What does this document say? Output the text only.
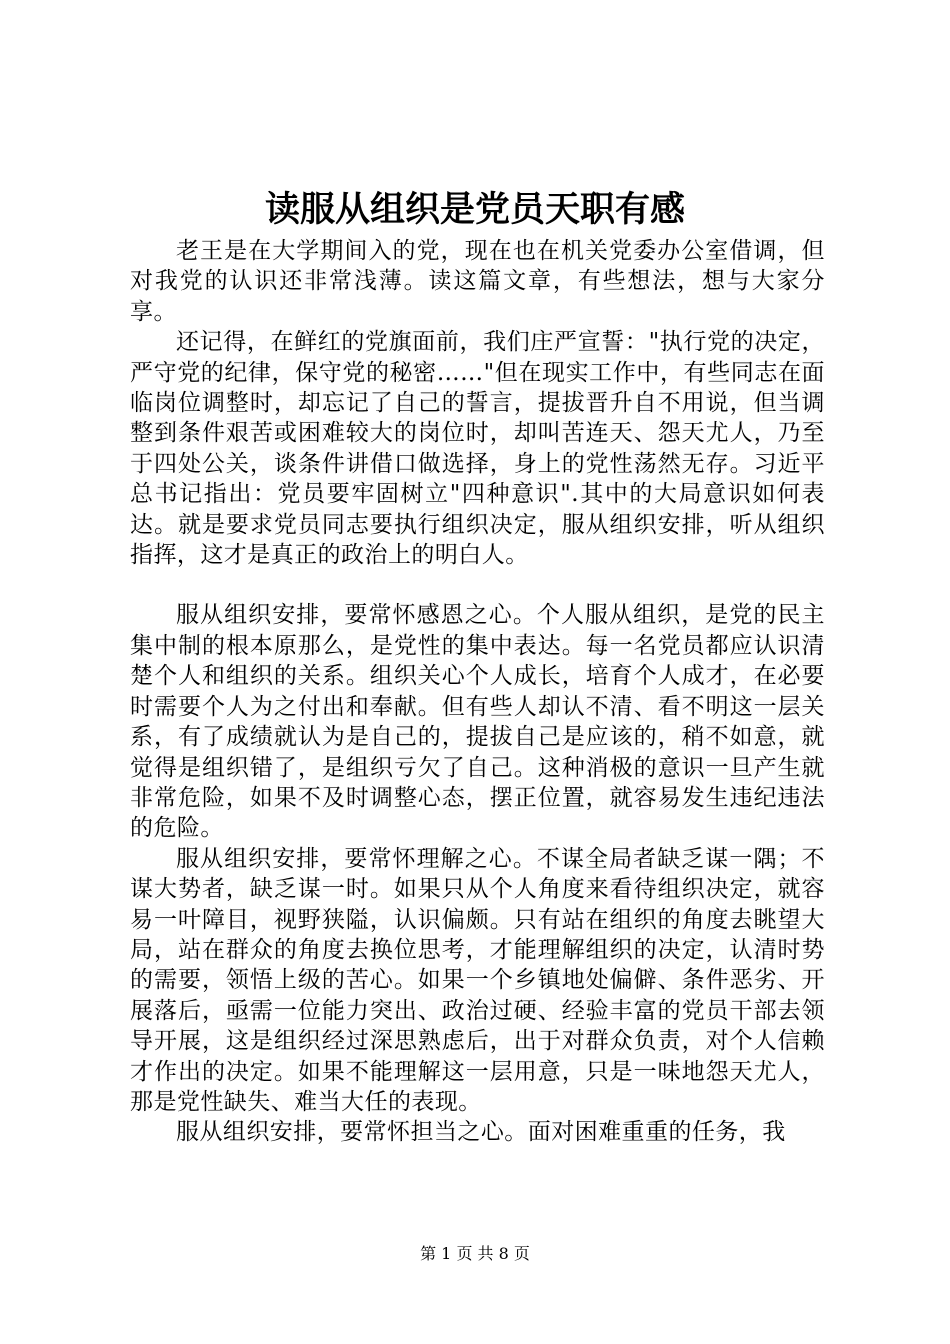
读服从组织是党员天职有感

老王是在大学期间入的党，现在也在机关党委办公室借调，但对我党的认识还非常浅薄。读这篇文章，有些想法，想与大家分享。

还记得，在鲜红的党旗面前，我们庄严宣誓："执行党的决定，严守党的纪律，保守党的秘密……"但在现实工作中，有些同志在面临岗位调整时，却忘记了自己的誓言，提拔晋升自不用说，但当调整到条件艰苦或困难较大的岗位时，却叫苦连天、怨天尤人，乃至于四处公关，谈条件讲借口做选择，身上的党性荡然无存。习近平总书记指出：党员要牢固树立"四种意识".其中的大局意识如何表达。就是要求党员同志要执行组织决定，服从组织安排，听从组织指挥，这才是真正的政治上的明白人。

服从组织安排，要常怀感恩之心。个人服从组织，是党的民主集中制的根本原那么，是党性的集中表达。每一名党员都应认识清楚个人和组织的关系。组织关心个人成长，培育个人成才，在必要时需要个人为之付出和奉献。但有些人却认不清、看不明这一层关系，有了成绩就认为是自己的，提拔自己是应该的，稍不如意，就觉得是组织错了，是组织亏欠了自己。这种消极的意识一旦产生就非常危险，如果不及时调整心态，摆正位置，就容易发生违纪违法的危险。

服从组织安排，要常怀理解之心。不谋全局者缺乏谋一隅；不谋大势者，缺乏谋一时。如果只从个人角度来看待组织决定，就容易一叶障目，视野狭隘，认识偏颇。只有站在组织的角度去眺望大局，站在群众的角度去换位思考，才能理解组织的决定，认清时势的需要，领悟上级的苦心。如果一个乡镇地处偏僻、条件恶劣、开展落后，亟需一位能力突出、政治过硬、经验丰富的党员干部去领导开展，这是组织经过深思熟虑后，出于对群众负责，对个人信赖才作出的决定。如果不能理解这一层用意，只是一味地怨天尤人，那是党性缺失、难当大任的表现。

服从组织安排，要常怀担当之心。面对困难重重的任务，我

第 1 页 共 8 页
